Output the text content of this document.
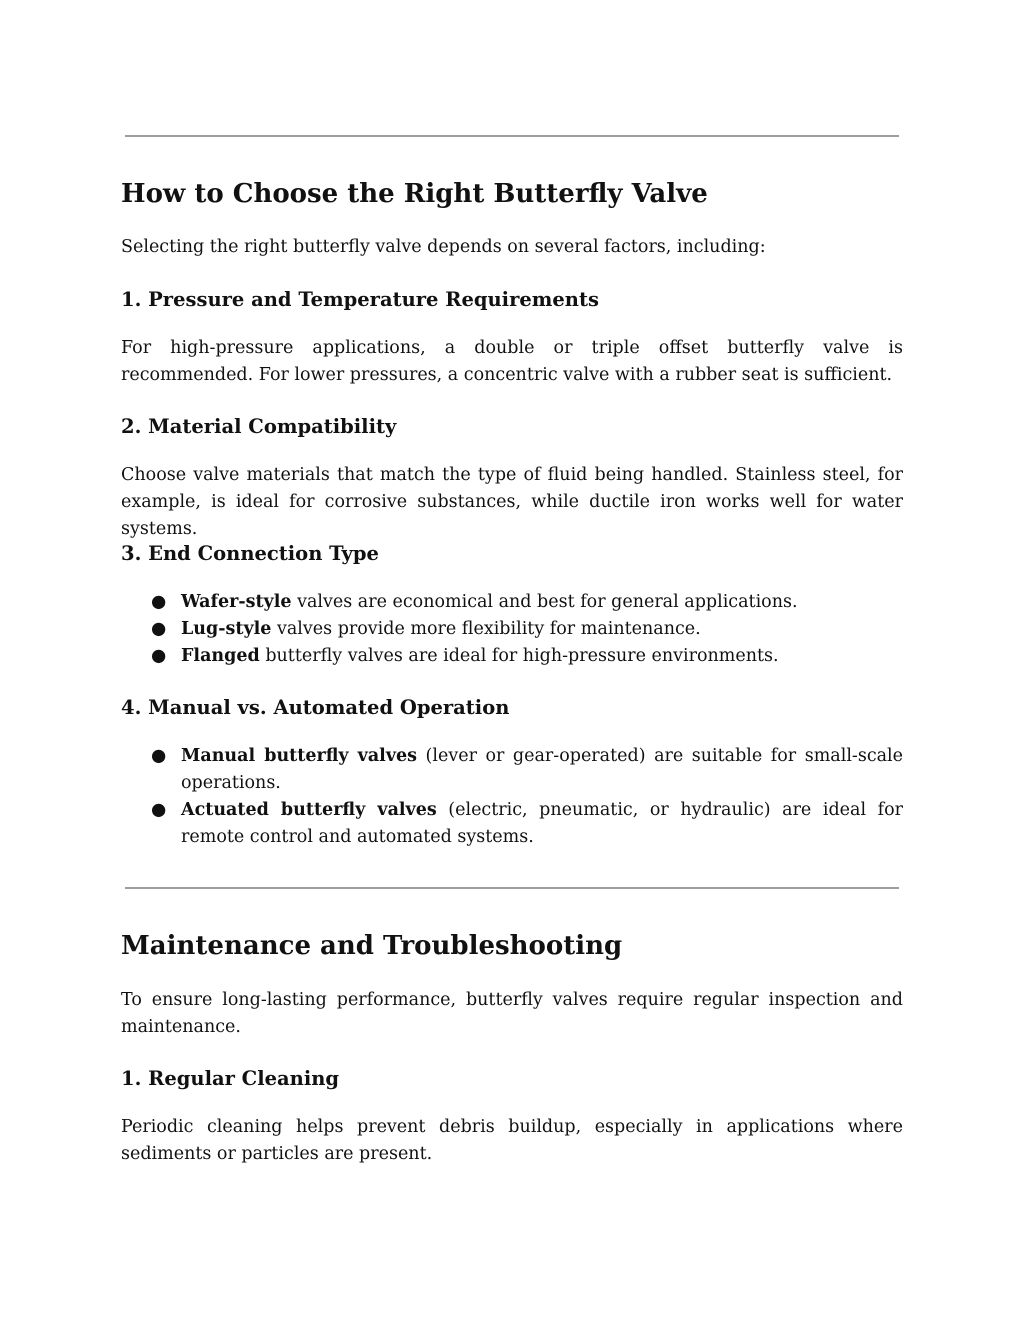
How to Choose the Right Butterfly Valve

Selecting the right butterfly valve depends on several factors, including:

1. Pressure and Temperature Requirements

For high-pressure applications, a double or triple offset butterfly valve is recommended. For lower pressures, a concentric valve with a rubber seat is sufficient.

2. Material Compatibility

Choose valve materials that match the type of fluid being handled. Stainless steel, for example, is ideal for corrosive substances, while ductile iron works well for water systems.

3. End Connection Type
● Wafer-style valves are economical and best for general applications.
● Lug-style valves provide more flexibility for maintenance.
● Flanged butterfly valves are ideal for high-pressure environments.
4. Manual vs. Automated Operation
● Manual butterfly valves (lever or gear-operated) are suitable for small-scale operations.
● Actuated butterfly valves (electric, pneumatic, or hydraulic) are ideal for remote control and automated systems.
Maintenance and Troubleshooting

To ensure long-lasting performance, butterfly valves require regular inspection and maintenance.

1. Regular Cleaning

Periodic cleaning helps prevent debris buildup, especially in applications where sediments or particles are present.
